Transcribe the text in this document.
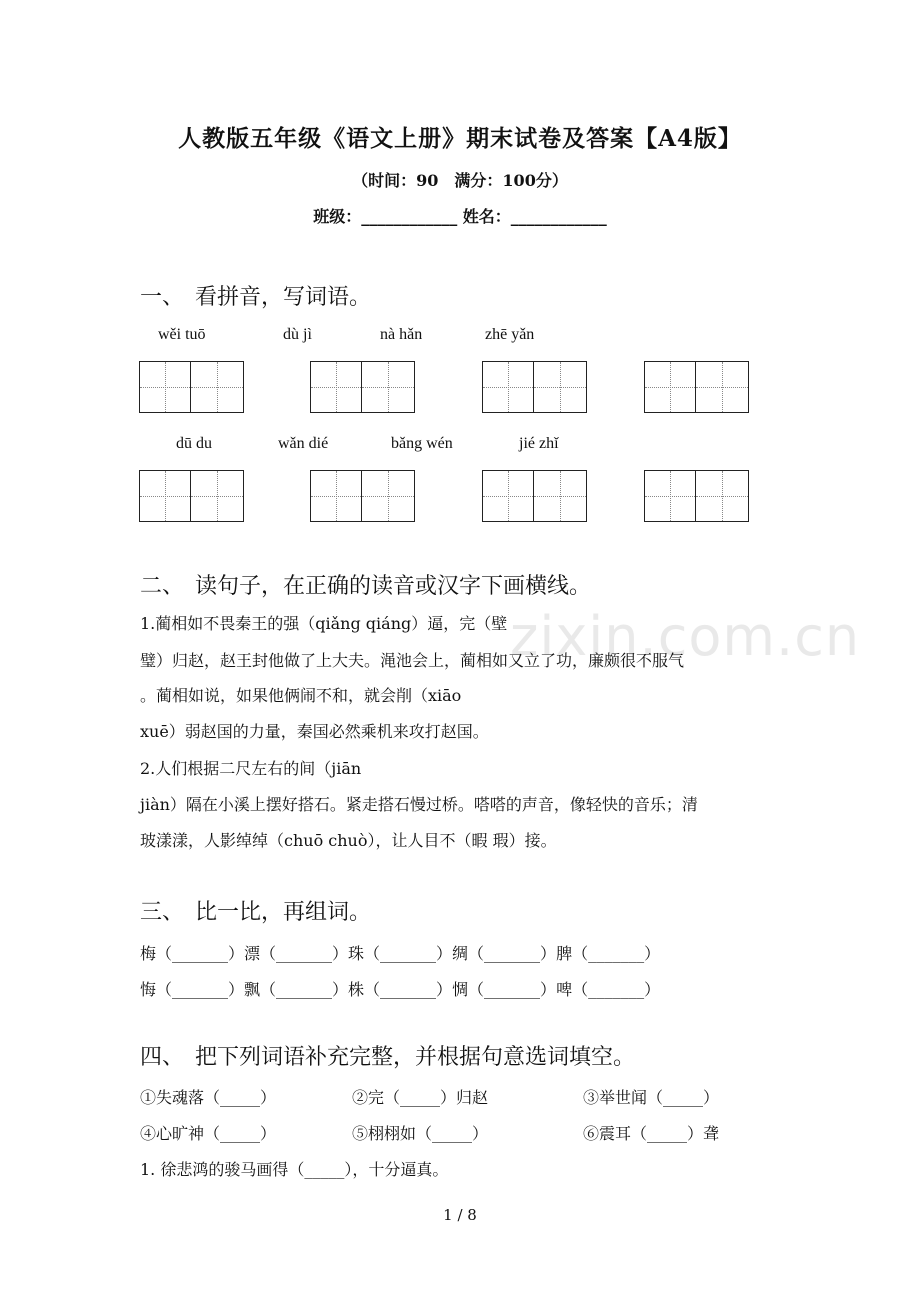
zixin.com.cn
人教版五年级《语文上册》期末试卷及答案【A4版】
（时间：90　满分：100分）
班级：____________ 姓名：____________
一、　看拼音，写词语。
wěi tuō	dù jì	nà hǎn	zhē yǎn
dū du	wǎn dié	bǎng wén	jié zhǐ
二、　读句子，在正确的读音或汉字下画横线。
1.蔺相如不畏秦王的强（qiǎng qiáng）逼，完（壁
璧）归赵，赵王封他做了上大夫。渑池会上，蔺相如又立了功，廉颇很不服气
。蔺相如说，如果他俩闹不和，就会削（xiāo
xuē）弱赵国的力量，秦国必然乘机来攻打赵国。
2.人们根据二尺左右的间（jiān
jiàn）隔在小溪上摆好搭石。紧走搭石慢过桥。嗒嗒的声音，像轻快的音乐；清
玻漾漾，人影绰绰（chuō chuò），让人目不（暇 瑕）接。
三、　比一比，再组词。
梅（_______）漂（_______）珠（_______）绸（_______）脾（_______）
悔（_______）飘（_______）株（_______）惆（_______）啤（_______）
四、　把下列词语补充完整，并根据句意选词填空。
①失魂落（_____）	②完（_____）归赵	③举世闻（_____）
④心旷神（_____）	⑤栩栩如（_____）	⑥震耳（_____）聋
1. 徐悲鸿的骏马画得（_____），十分逼真。
1 / 8
